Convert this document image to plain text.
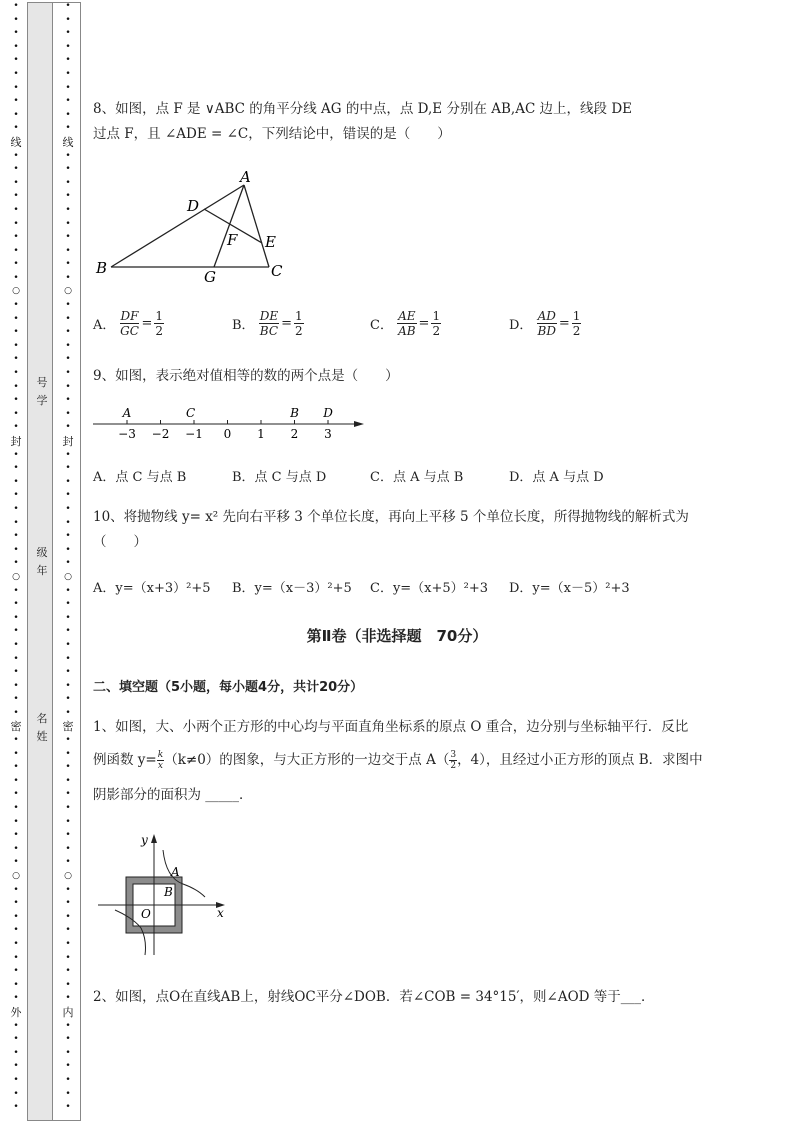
•
•
•
•
•
•
•
•
•
•
线
•
•
•
•
•
•
•
•
•
•
○
•
•
•
•
•
•
•
•
•
•
封
•
•
•
•
•
•
•
•
•
○
•
•
•
•
•
•
•
•
•
•
密
•
•
•
•
•
•
•
•
•
•
○
•
•
•
•
•
•
•
•
•
外
•
•
•
•
•
•
•
•
•
•
•
•
•
•
•
•
•
线
•
•
•
•
•
•
•
•
•
•
○
•
•
•
•
•
•
•
•
•
•
封
•
•
•
•
•
•
•
•
•
○
•
•
•
•
•
•
•
•
•
•
密
•
•
•
•
•
•
•
•
•
•
○
•
•
•
•
•
•
•
•
•
内
•
•
•
•
•
•
•
号
学
级
年
名
姓
8、如图，点 F 是 ∨ABC 的角平分线 AG 的中点，点 D,E 分别在 AB,AC 边上，线段 DE
过点 F，且 ∠ADE = ∠C，下列结论中，错误的是（　　）
A
B	C
D
E
F
G
A． $\frac{DF}{GC} = \frac{1}{2}$	B． $\frac{DE}{BC} = \frac{1}{2}$	C． $\frac{AE}{AB} = \frac{1}{2}$	D． $\frac{AD}{BD} = \frac{1}{2}$
9、如图，表示绝对值相等的数的两个点是（　　）
−3 −2 −1 0 1 2 3
A	C	B D
A．点 C 与点 B	B．点 C 与点 D	C．点 A 与点 B	D．点 A 与点 D
10、将抛物线 y= x² 先向右平移 3 个单位长度，再向上平移 5 个单位长度，所得抛物线的解析式为
（　　）
A．y=（x+3）²+5 B．y=（x－3）²+5 C．y=（x+5）²+3 D．y=（x－5）²+3
第Ⅱ卷（非选择题　70分）
二、填空题（5小题，每小题4分，共计20分）
1、如图，大、小两个正方形的中心均与平面直角坐标系的原点 O 重合，边分别与坐标轴平行．反比
例函数 $y= \frac{k}{x} (k\ne 0)$的图象，与大正方形的一边交于点 $A( \frac{3}{2}$ ，4），且经过小正方形的顶点 B．求图中
阴影部分的面积为 _____．
y
x
O
A
B
2、如图，点O在直线AB上，射线OC平分∠DOB．若∠COB = 34°15′，则∠AOD 等于___．
